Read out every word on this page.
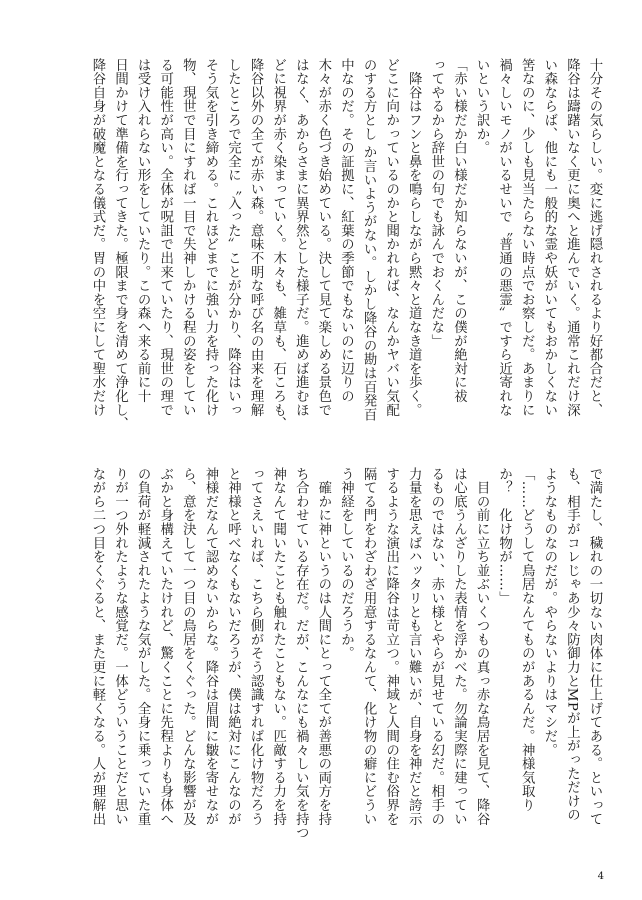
十分その気らしい。変に逃げ隠れされるより好都合だと、

降谷は躊躇いなく更に奥へと進んでいく。通常これだけ深

い森ならば、他にも一般的な霊や妖がいてもおかしくない

筈なのに、少しも見当たらない時点でお察しだ。あまりに

禍々しいモノがいるせいで〝普通の悪霊〟ですら近寄れな

いという訳か。

「赤い様だか白い様だか知らないが、この僕が絶対に祓

ってやるから辞世の句でも詠んでおくんだな」

　降谷はフンと鼻を鳴らしながら黙々と道なき道を歩く。

どこに向かっているのかと聞かれれば、なんかヤバい気配

のする方とし か言いようがない。しかし降谷の勘は百発百

中なのだ。その証拠に、紅葉の季節でもないのに辺りの

木々が赤く色づき始めている。決して見て楽しめる景色で

はなく、あからさまに異界然とした様子だ。進めば進むほ

どに視界が赤く染まっていく。木々も、雑草も、石ころも、

降谷以外の全てが赤い森。意味不明な呼び名の由来を理解

したところで完全に〝入った〟ことが分かり、降谷はいっ

そう気を引き締める。これほどまでに強い力を持った化け

物、現世で目にすれば一目で失神しかける程の姿をしてい

る可能性が高い。全体が呪詛で出来ていたり、現世の理で

は受け入れらない形をしていたり。この森へ来る前に十

日間かけて準備を行ってきた。極限まで身を清めて浄化し、

降谷自身が破魔となる儀式だ。胃の中を空にして聖水だけ

で満たし、穢れの一切ない肉体に仕上げてある。といって

も、相手がコレじゃあ少々防御力とMPが上がっただけの

ようなものなのだが。やらないよりはマシだ。

「……どうして鳥居なんてものがあるんだ。神様気取り

か？　化け物が……」

　目の前に立ち並ぶいくつもの真っ赤な鳥居を見て、降谷

は心底うんざりした表情を浮かべた。勿論実際に建ってい

るものではない、赤い様とやらが見せている幻だ。相手の

力量を思えばハッタリとも言い難いが、自身を神だと誇示

するような演出に降谷は苛立つ。神域と人間の住む俗界を

隔てる門をわざわざ用意するなんて、化け物の癖にどうい

う神経をしているのだろうか。

　確かに神というのは人間にとって全てが善悪の両方を持

ち合わせている存在だ。だが、こんなにも禍々しい気を持つ

神なんて聞いたことも触れたこともない。匹敵する力を持

ってさえいれば、こちら側がそう認識すれば化け物だろう

と神様と呼べなくもないだろうが、僕は絶対にこんなのが

神様だなんて認めないからな。降谷は眉間に皺を寄せなが

ら、意を決して一つ目の鳥居をくぐった。どんな影響が及

ぶかと身構えていたけれど、驚くことに先程よりも身体へ

の負荷が軽減されたような気がした。全身に乗っていた重

りが一つ外れたような感覚だ。一体どういうことだと思い

ながら二つ目をくぐると、また更に軽くなる。人が理解出

4
